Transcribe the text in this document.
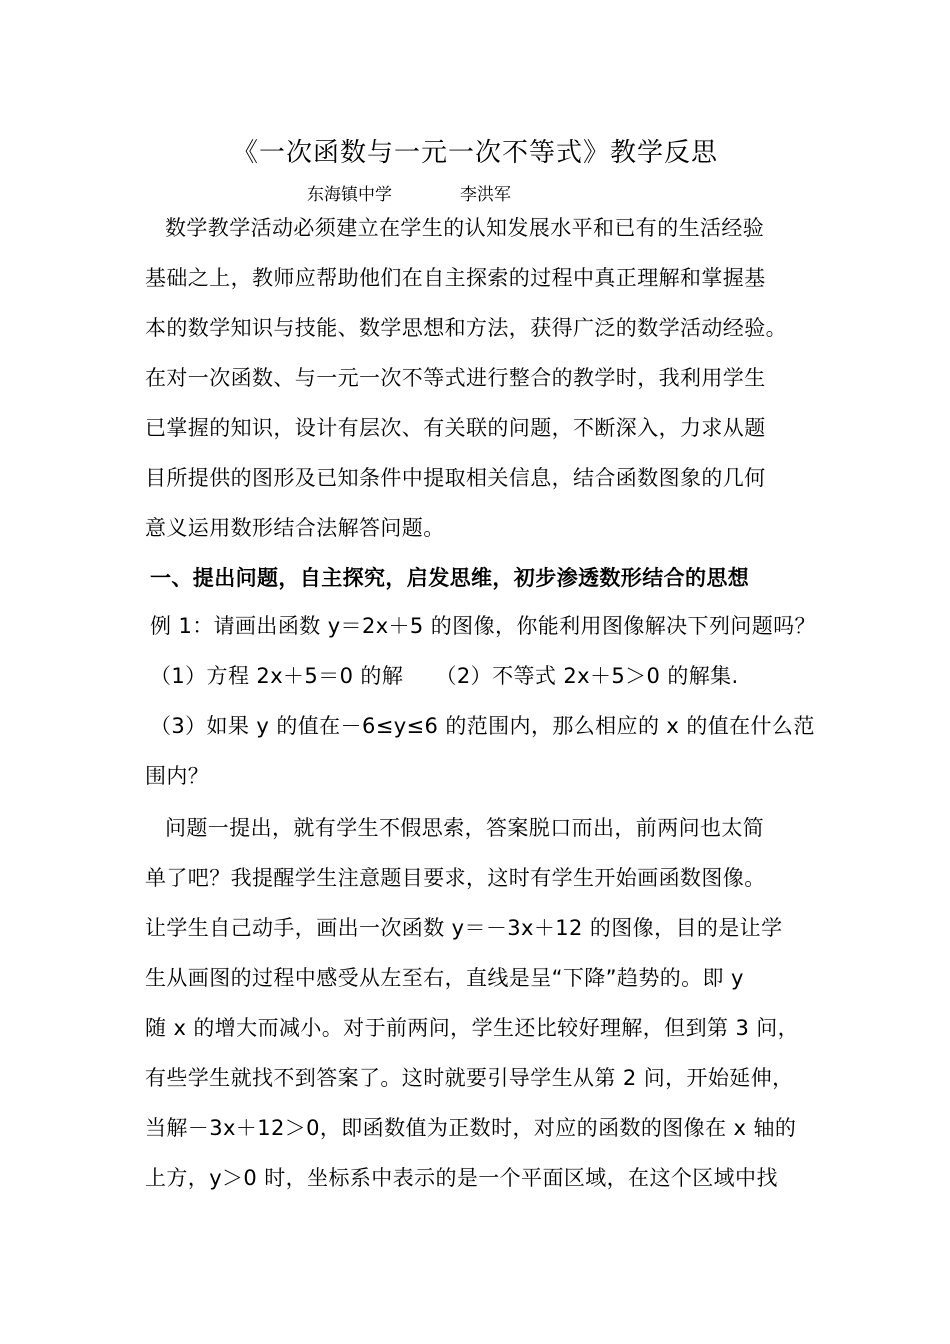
《一次函数与一元一次不等式》教学反思
东海镇中学	李洪军
数学教学活动必须建立在学生的认知发展水平和已有的生活经验
基础之上，教师应帮助他们在自主探索的过程中真正理解和掌握基
本的数学知识与技能、数学思想和方法，获得广泛的数学活动经验。
在对一次函数、与一元一次不等式进行整合的教学时，我利用学生
已掌握的知识，设计有层次、有关联的问题，不断深入，力求从题
目所提供的图形及已知条件中提取相关信息，结合函数图象的几何
意义运用数形结合法解答问题。
一、提出问题，自主探究，启发思维，初步渗透数形结合的思想
例 1：请画出函数 y＝2x＋5 的图像，你能利用图像解决下列问题吗？
（1）方程 2x＋5＝0 的解　　（2）不等式 2x＋5＞0 的解集.
（3）如果 y 的值在－6≤y≤6 的范围内，那么相应的 x 的值在什么范
围内？
问题一提出，就有学生不假思索，答案脱口而出，前两问也太简
单了吧？我提醒学生注意题目要求，这时有学生开始画函数图像。
让学生自己动手，画出一次函数 y＝－3x＋12 的图像，目的是让学
生从画图的过程中感受从左至右，直线是呈“下降”趋势的。即 y
随 x 的增大而减小。对于前两问，学生还比较好理解，但到第 3 问，
有些学生就找不到答案了。这时就要引导学生从第 2 问，开始延伸，
当解－3x＋12＞0，即函数值为正数时，对应的函数的图像在 x 轴的
上方，y＞0 时，坐标系中表示的是一个平面区域，在这个区域中找
